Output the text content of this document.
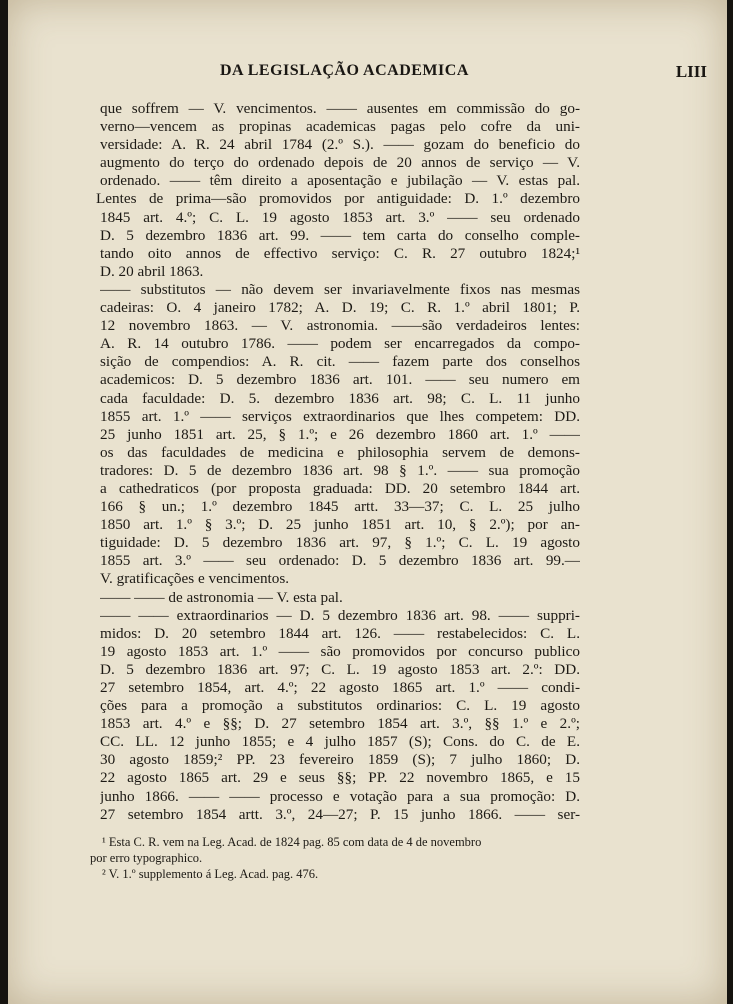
DA LEGISLAÇÃO ACADEMICA	LIII
que soffrem — V. vencimentos. —— ausentes em commissão do go-
verno—vencem as propinas academicas pagas pelo cofre da uni-
versidade: A. R. 24 abril 1784 (2.º S.). —— gozam do beneficio do
augmento do terço do ordenado depois de 20 annos de serviço — V.
ordenado. —— têm direito a aposentação e jubilação — V. estas pal.
Lentes de prima—são promovidos por antiguidade: D. 1.º dezembro
1845 art. 4.º; C. L. 19 agosto 1853 art. 3.º —— seu ordenado
D. 5 dezembro 1836 art. 99. —— tem carta do conselho comple-
tando oito annos de effectivo serviço: C. R. 27 outubro 1824;¹
D. 20 abril 1863.
—— substitutos — não devem ser invariavelmente fixos nas mesmas
cadeiras: O. 4 janeiro 1782; A. D. 19; C. R. 1.º abril 1801; P.
12 novembro 1863. — V. astronomia. ——são verdadeiros lentes:
A. R. 14 outubro 1786. —— podem ser encarregados da compo-
sição de compendios: A. R. cit. —— fazem parte dos conselhos
academicos: D. 5 dezembro 1836 art. 101. —— seu numero em
cada faculdade: D. 5. dezembro 1836 art. 98; C. L. 11 junho
1855 art. 1.º —— serviços extraordinarios que lhes competem: DD.
25 junho 1851 art. 25, § 1.º; e 26 dezembro 1860 art. 1.º ——
os das faculdades de medicina e philosophia servem de demons-
tradores: D. 5 de dezembro 1836 art. 98 § 1.º. —— sua promoção
a cathedraticos (por proposta graduada: DD. 20 setembro 1844 art.
166 § un.; 1.º dezembro 1845 artt. 33—37; C. L. 25 julho
1850 art. 1.º § 3.º; D. 25 junho 1851 art. 10, § 2.º); por an-
tiguidade: D. 5 dezembro 1836 art. 97, § 1.º; C. L. 19 agosto
1855 art. 3.º —— seu ordenado: D. 5 dezembro 1836 art. 99.—
V. gratificações e vencimentos.
—— —— de astronomia — V. esta pal.
—— —— extraordinarios — D. 5 dezembro 1836 art. 98. —— suppri-
midos: D. 20 setembro 1844 art. 126. —— restabelecidos: C. L.
19 agosto 1853 art. 1.º —— são promovidos por concurso publico
D. 5 dezembro 1836 art. 97; C. L. 19 agosto 1853 art. 2.º: DD.
27 setembro 1854, art. 4.º; 22 agosto 1865 art. 1.º —— condi-
ções para a promoção a substitutos ordinarios: C. L. 19 agosto
1853 art. 4.º e §§; D. 27 setembro 1854 art. 3.º, §§ 1.º e 2.º;
CC. LL. 12 junho 1855; e 4 julho 1857 (S); Cons. do C. de E.
30 agosto 1859;² PP. 23 fevereiro 1859 (S); 7 julho 1860; D.
22 agosto 1865 art. 29 e seus §§; PP. 22 novembro 1865, e 15
junho 1866. —— —— processo e votação para a sua promoção: D.
27 setembro 1854 artt. 3.º, 24—27; P. 15 junho 1866. —— ser-
¹ Esta C. R. vem na Leg. Acad. de 1824 pag. 85 com data de 4 de novembro
por erro typographico.
² V. 1.º supplemento á Leg. Acad. pag. 476.
